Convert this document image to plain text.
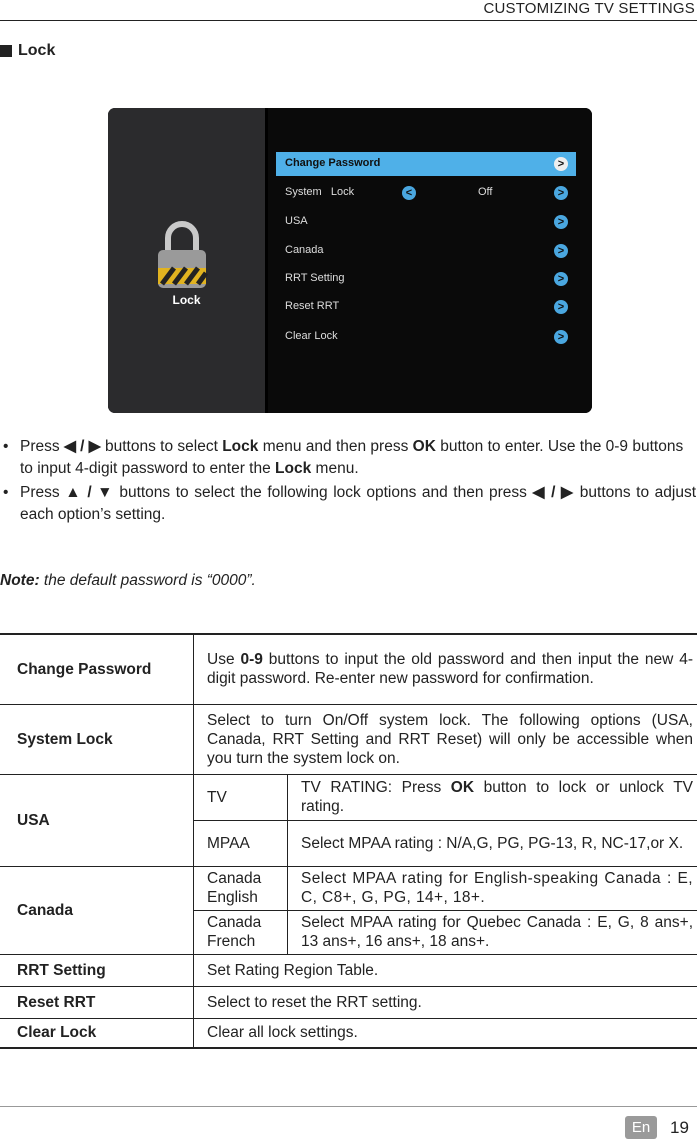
CUSTOMIZING TV SETTINGS
Lock
Lock
Change Password	>
System   Lock	<	Off	>
USA	>
Canada	>
RRT Setting	>
Reset RRT	>
Clear Lock	>
• Press ◀ / ▶ buttons to select Lock menu and then press OK button to enter. Use the 0-9 buttons to input 4-digit password to enter the Lock menu.
• Press ▲ / ▼ buttons to select the following lock options and then press ◀ / ▶ buttons to adjust each option’s setting.
Note: the default password is “0000”.
Change Password	Use 0-9 buttons to input the old password and then input the new 4-digit password. Re-enter new password for confirmation.	
System Lock	Select to turn On/Off system lock. The following options (USA, Canada, RRT Setting and RRT Reset) will only be accessible when you turn the system lock on.	
USA	TV	TV RATING: Press OK button to lock or unlock TV rating.
	MPAA	Select MPAA rating : N/A,G, PG, PG-13, R, NC-17,or X.
Canada	Canada English	Select MPAA rating for English-speaking Canada : E, C, C8+, G, PG, 14+, 18+.
	Canada French	Select MPAA rating for Quebec Canada : E, G, 8 ans+, 13 ans+, 16 ans+, 18 ans+.
RRT Setting	Set Rating Region Table.	
Reset RRT	Select to reset the RRT setting.	
Clear Lock	Clear all lock settings.	
En	19
